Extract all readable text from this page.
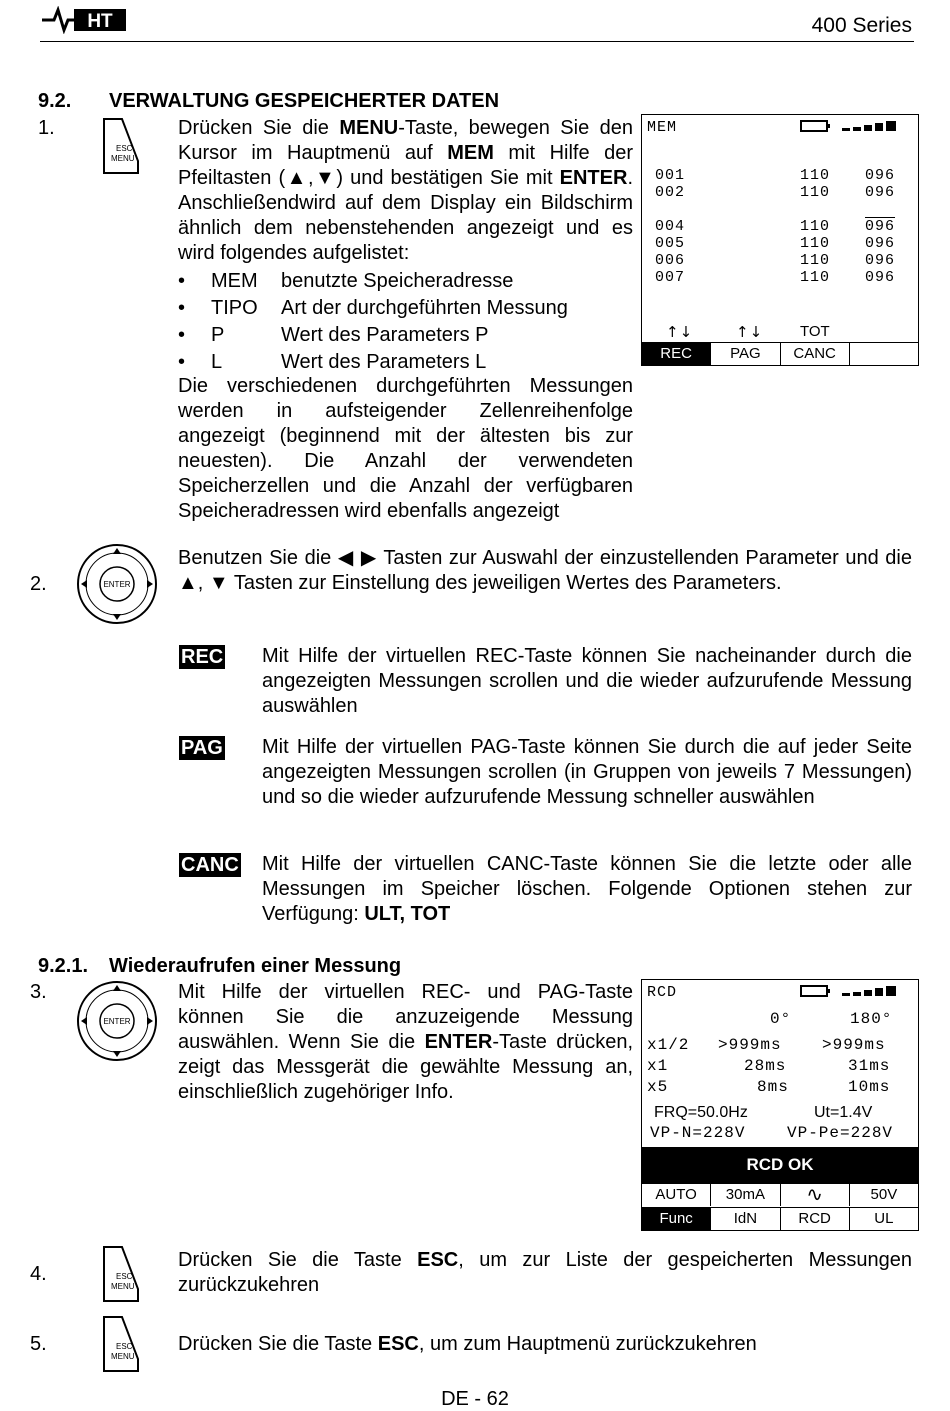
HT	400 Series
9.2. VERWALTUNG GESPEICHERTER DATEN
1.
ESC
MENU
Drücken Sie die MENU-Taste, bewegen Sie den Kursor im Hauptmenü auf MEM mit Hilfe der Pfeiltasten (▲,▼) und bestätigen Sie mit ENTER. Anschließendwird auf dem Display ein Bildschirm ähnlich dem nebenstehenden angezeigt und es wird folgendes aufgelistet:
• MEM benutzte Speicheradresse
• TIPO Art der durchgeführten Messung
• P	Wert des Parameters P
• L	Wert des Parameters L
Die verschiedenen durchgeführten Messungen werden in aufsteigender Zellenreihenfolge angezeigt (beginnend mit der ältesten bis zur neuesten). Die Anzahl der verwendeten Speicherzellen und die Anzahl der verfügbaren Speicheradressen wird ebenfalls angezeigt
MEM
001	110 096
002	110 096
004	110 096
005	110 096
006	110 096
007	110 096
↑↓	↑↓ TOT
REC	PAG	CANC
2.	ENTER
Benutzen Sie die ◀ ▶ Tasten zur Auswahl der einzustellenden Parameter und die ▲, ▼ Tasten zur Einstellung des jeweiligen Wertes des Parameters.
REC Mit Hilfe der virtuellen REC-Taste können Sie nacheinander durch die angezeigten Messungen scrollen und die wieder aufzurufende Messung auswählen
PAG Mit Hilfe der virtuellen PAG-Taste können Sie durch die auf jeder Seite angezeigten Messungen scrollen (in Gruppen von jeweils 7 Messungen) und so die wieder aufzurufende Messung schneller auswählen
CANC Mit Hilfe der virtuellen CANC-Taste können Sie die letzte oder alle Messungen im Speicher löschen. Folgende Optionen stehen zur Verfügung: ULT, TOT
9.2.1. Wiederaufrufen einer Messung
3.
ENTER
Mit Hilfe der virtuellen REC- und PAG-Taste können Sie die anzuzeigende Messung auswählen. Wenn Sie die ENTER-Taste drücken, zeigt das Messgerät die gewählte Messung an, einschließlich zugehöriger Info.
RCD
0°	180°
x1/2 >999ms	>999ms
x1	28ms	31ms
x5	8ms	10ms
FRQ=50.0Hz	Ut=1.4V
VP-N=228V	VP-Pe=228V
RCD OK
AUTO	30mA	∿	50V
Func	IdN	RCD	UL
4.	ESC
MENU
Drücken Sie die Taste ESC, um zur Liste der gespeicherten Messungen zurückzukehren
5.	ESC
MENU
Drücken Sie die Taste ESC, um zum Hauptmenü zurückzukehren
DE - 62
